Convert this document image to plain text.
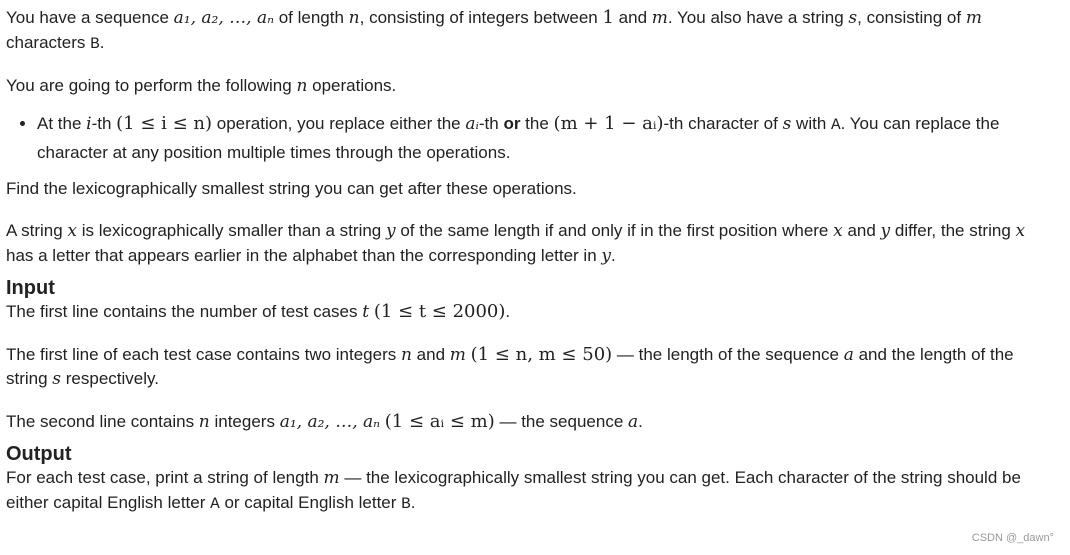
You have a sequence a₁, a₂, …, aₙ of length n, consisting of integers between 1 and m. You also have a string s, consisting of m
characters B.

You are going to perform the following n operations.

• At the i-th (1 ≤ i ≤ n) operation, you replace either the aᵢ-th or the (m + 1 − aᵢ)-th character of s with A. You can replace the
character at any position multiple times through the operations.

Find the lexicographically smallest string you can get after these operations.

A string x is lexicographically smaller than a string y of the same length if and only if in the first position where x and y differ, the string x
has a letter that appears earlier in the alphabet than the corresponding letter in y.

Input

The first line contains the number of test cases t (1 ≤ t ≤ 2000).

The first line of each test case contains two integers n and m (1 ≤ n, m ≤ 50) — the length of the sequence a and the length of the
string s respectively.

The second line contains n integers a₁, a₂, …, aₙ (1 ≤ aᵢ ≤ m) — the sequence a.

Output

For each test case, print a string of length m — the lexicographically smallest string you can get. Each character of the string should be
either capital English letter A or capital English letter B.

CSDN @_dawn°
